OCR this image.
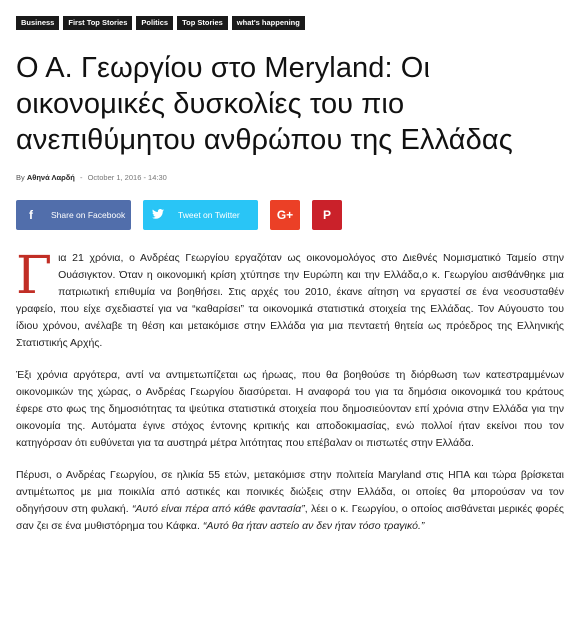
Business	First Top Stories	Politics	Top Stories	what's happening
Ο Α. Γεωργίου στο Meryland: Οι οικονομικές δυσκολίες του πιο ανεπιθύμητου ανθρώπου της Ελλάδας
By Αθηνά Λαρδή - October 1, 2016 - 14:30
f	Share on Facebook	Tweet on Twitter	G+ P

Για 21 χρόνια, ο Ανδρέας Γεωργίου εργαζόταν ως οικονομολόγος στο Διεθνές Νομισματικό Ταμείο στην Ουάσιγκτον. Όταν η οικονομική κρίση χτύπησε την Ευρώπη και την Ελλάδα,ο κ. Γεωργίου αισθάνθηκε μια πατριωτική επιθυμία να βοηθήσει. Στις αρχές του 2010, έκανε αίτηση να εργαστεί σε ένα νεοσυσταθέν γραφείο, που είχε σχεδιαστεί για να “καθαρίσει” τα οικονομικά στατιστικά στοιχεία της Ελλάδας. Τον Αύγουστο του ίδιου χρόνου, ανέλαβε τη θέση και μετακόμισε στην Ελλάδα για μια πενταετή θητεία ως πρόεδρος της Ελληνικής Στατιστικής Αρχής.

Έξι χρόνια αργότερα, αντί να αντιμετωπίζεται ως ήρωας, που θα βοηθούσε τη διόρθωση των κατεστραμμένων οικονομικών της χώρας, ο Ανδρέας Γεωργίου διασύρεται. Η αναφορά του για τα δημόσια οικονομικά του κράτους έφερε στο φως της δημοσιότητας τα ψεύτικα στατιστικά στοιχεία που δημοσιεύονταν επί χρόνια στην Ελλάδα για την οικονομία της. Αυτόματα έγινε στόχος έντονης κριτικής και αποδοκιμασίας, ενώ πολλοί ήταν εκείνοι που τον κατηγόρσαν ότι ευθύνεται για τα αυστηρά μέτρα λιτότητας που επέβαλαν οι πιστωτές στην Ελλάδα.

Πέρυσι, ο Ανδρέας Γεωργίου, σε ηλικία 55 ετών, μετακόμισε στην πολιτεία Maryland στις ΗΠΑ και τώρα βρίσκεται αντιμέτωπος με μια ποικιλία από αστικές και ποινικές διώξεις στην Ελλάδα, οι οποίες θα μπορούσαν να τον οδηγήσουν στη φυλακή. “Αυτό είναι πέρα από κάθε φαντασία”, λέει ο κ. Γεωργίου, ο οποίος αισθάνεται μερικές φορές σαν ζει σε ένα μυθιστόρημα του Κάφκα. “Αυτό θα ήταν αστείο αν δεν ήταν τόσο τραγικό.”
